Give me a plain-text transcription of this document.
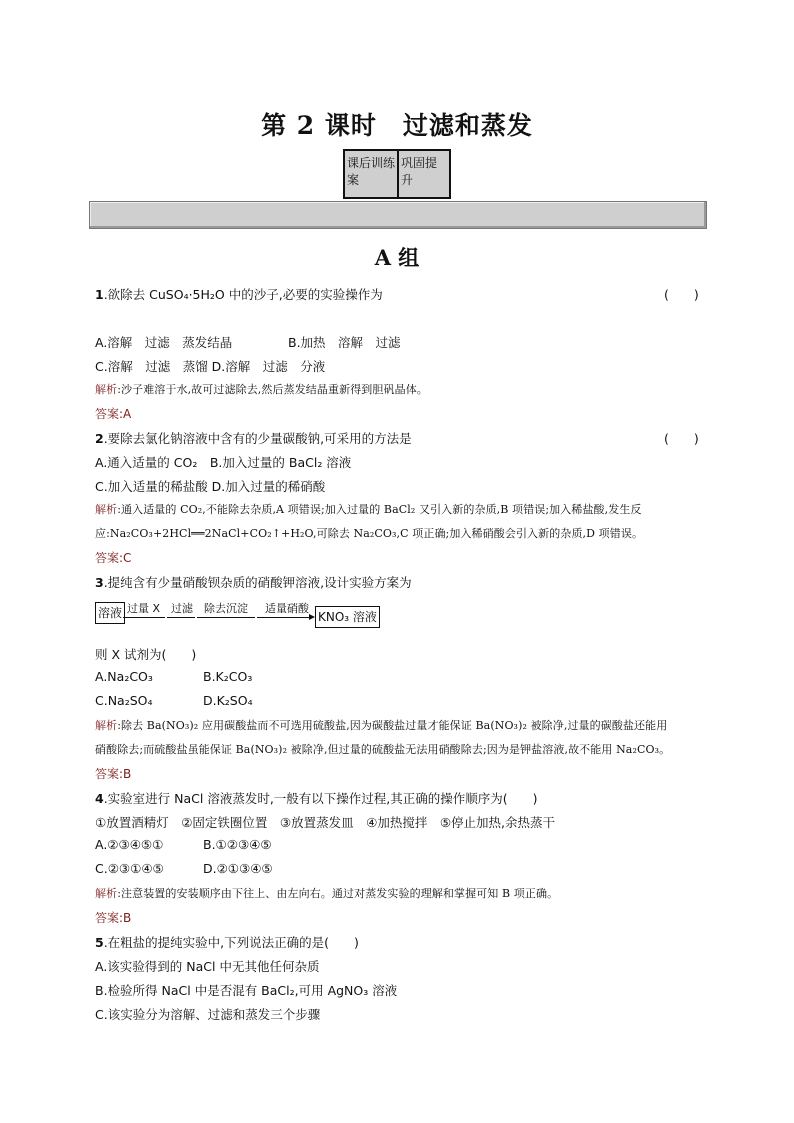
第 2 课时　过滤和蒸发
课后训练案
巩固提升
A 组
1.欲除去 CuSO₄·5H₂O 中的沙子,必要的实验操作为	(　　)
A.溶解　过滤　蒸发结晶	B.加热　溶解　过滤
C.溶解　过滤　蒸馏 D.溶解　过滤　分液
解析:沙子难溶于水,故可过滤除去,然后蒸发结晶重新得到胆矾晶体。
答案:A
2.要除去氯化钠溶液中含有的少量碳酸钠,可采用的方法是	(　　)
A.通入适量的 CO₂　B.加入过量的 BaCl₂ 溶液
C.加入适量的稀盐酸 D.加入过量的稀硝酸
解析:通入适量的 CO₂,不能除去杂质,A 项错误;加入过量的 BaCl₂ 又引入新的杂质,B 项错误;加入稀盐酸,发生反
应:Na₂CO₃+2HCl══2NaCl+CO₂↑+H₂O,可除去 Na₂CO₃,C 项正确;加入稀硝酸会引入新的杂质,D 项错误。
答案:C
3.提纯含有少量硝酸钡杂质的硝酸钾溶液,设计实验方案为
溶液 过量 X 过滤 除去沉淀 适量硝酸
KNO₃ 溶液
则 X 试剂为(　　)
A.Na₂CO₃	B.K₂CO₃
C.Na₂SO₄	D.K₂SO₄
解析:除去 Ba(NO₃)₂ 应用碳酸盐而不可选用硫酸盐,因为碳酸盐过量才能保证 Ba(NO₃)₂ 被除净,过量的碳酸盐还能用
硝酸除去;而硫酸盐虽能保证 Ba(NO₃)₂ 被除净,但过量的硫酸盐无法用硝酸除去;因为是钾盐溶液,故不能用 Na₂CO₃。
答案:B
4.实验室进行 NaCl 溶液蒸发时,一般有以下操作过程,其正确的操作顺序为(　　)
①放置酒精灯　②固定铁圈位置　③放置蒸发皿　④加热搅拌　⑤停止加热,余热蒸干
A.②③④⑤①	B.①②③④⑤
C.②③①④⑤	D.②①③④⑤
解析:注意装置的安装顺序由下往上、由左向右。通过对蒸发实验的理解和掌握可知 B 项正确。
答案:B
5.在粗盐的提纯实验中,下列说法正确的是(　　)
A.该实验得到的 NaCl 中无其他任何杂质
B.检验所得 NaCl 中是否混有 BaCl₂,可用 AgNO₃ 溶液
C.该实验分为溶解、过滤和蒸发三个步骤
